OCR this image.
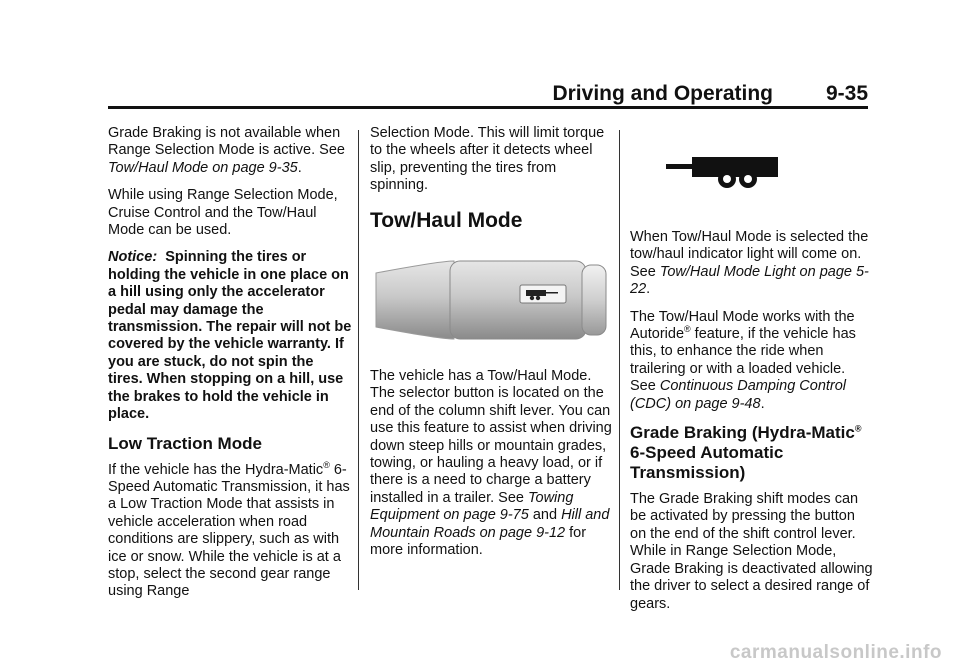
Driving and Operating	9-35

Grade Braking is not available when Range Selection Mode is active. See Tow/Haul Mode on page 9-35.

While using Range Selection Mode, Cruise Control and the Tow/Haul Mode can be used.

Notice: Spinning the tires or holding the vehicle in one place on a hill using only the accelerator pedal may damage the transmission. The repair will not be covered by the vehicle warranty. If you are stuck, do not spin the tires. When stopping on a hill, use the brakes to hold the vehicle in place.

Low Traction Mode

If the vehicle has the Hydra-Matic® 6-Speed Automatic Transmission, it has a Low Traction Mode that assists in vehicle acceleration when road conditions are slippery, such as with ice or snow. While the vehicle is at a stop, select the second gear range using Range

Selection Mode. This will limit torque to the wheels after it detects wheel slip, preventing the tires from spinning.

Tow/Haul Mode

The vehicle has a Tow/Haul Mode. The selector button is located on the end of the column shift lever. You can use this feature to assist when driving down steep hills or mountain grades, towing, or hauling a heavy load, or if there is a need to charge a battery installed in a trailer. See Towing Equipment on page 9-75 and Hill and Mountain Roads on page 9-12 for more information.

When Tow/Haul Mode is selected the tow/haul indicator light will come on. See Tow/Haul Mode Light on page 5-22.

The Tow/Haul Mode works with the Autoride® feature, if the vehicle has this, to enhance the ride when trailering or with a loaded vehicle. See Continuous Damping Control (CDC) on page 9-48.

Grade Braking (Hydra-Matic® 6-Speed Automatic Transmission)

The Grade Braking shift modes can be activated by pressing the button on the end of the shift control lever. While in Range Selection Mode, Grade Braking is deactivated allowing the driver to select a desired range of gears.

carmanualsonline.info
